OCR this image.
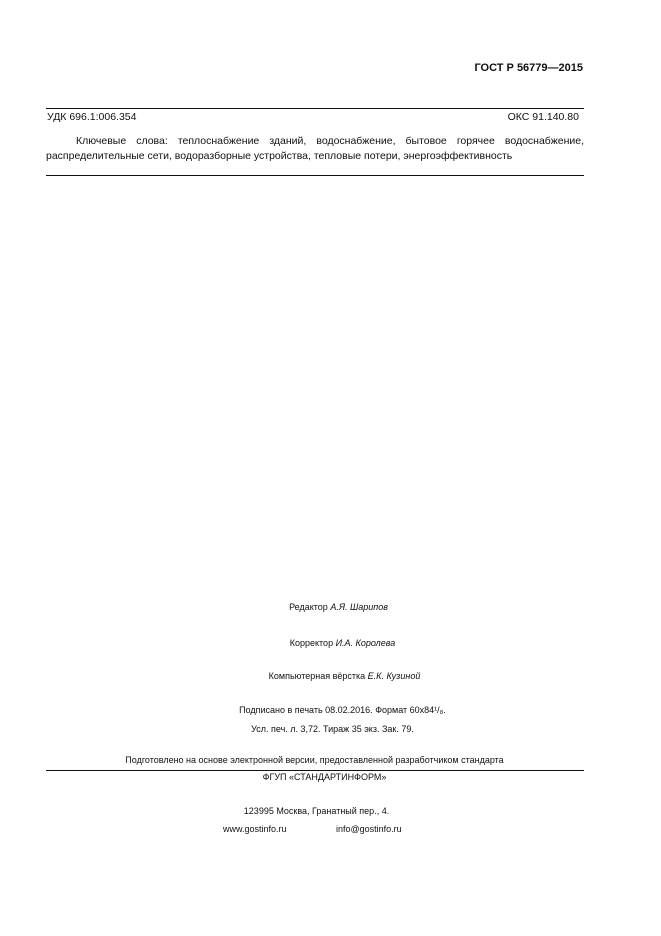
ГОСТ Р 56779—2015
УДК 696.1:006.354	ОКС 91.140.80
Ключевые слова: теплоснабжение зданий, водоснабжение, бытовое горячее водоснабжение, распределительные сети, водоразборные устройства, тепловые потери, энергоэффективность
Редактор А.Я. Шарипов
Корректор И.А. Королева
Компьютерная вёрстка Е.К. Кузиной
Подписано в печать 08.02.2016. Формат 60x84¹/₈.
Усл. печ. л. 3,72. Тираж 35 экз. Зак. 79.
Подготовлено на основе электронной версии, предоставленной разработчиком стандарта
ФГУП «СТАНДАРТИНФОРМ»
123995 Москва, Гранатный пер., 4.
www.gostinfo.ru	info@gostinfo.ru
